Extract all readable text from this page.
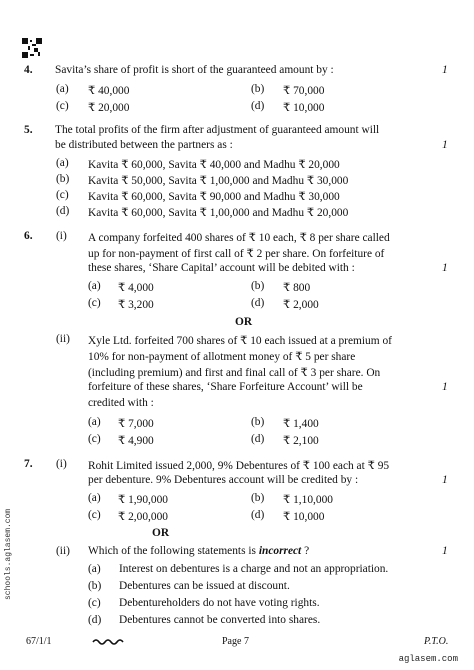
4. Savita’s share of profit is short of the guaranteed amount by :	1
(a) ₹ 40,000	(b) ₹ 70,000
(c) ₹ 20,000	(d) ₹ 10,000
5. The total profits of the firm after adjustment of guaranteed amount will
be distributed between the partners as :	1
(a) Kavita ₹ 60,000, Savita ₹ 40,000 and Madhu ₹ 20,000
(b) Kavita ₹ 50,000, Savita ₹ 1,00,000 and Madhu ₹ 30,000
(c) Kavita ₹ 60,000, Savita ₹ 90,000 and Madhu ₹ 30,000
(d) Kavita ₹ 60,000, Savita ₹ 1,00,000 and Madhu ₹ 20,000
6. (i) A company forfeited 400 shares of ₹ 10 each, ₹ 8 per share called
up for non-payment of first call of ₹ 2 per share. On forfeiture of
these shares, ‘Share Capital’ account will be debited with :	1
(a) ₹ 4,000	(b) ₹ 800
(c) ₹ 3,200	(d) ₹ 2,000
OR
(ii) Xyle Ltd. forfeited 700 shares of ₹ 10 each issued at a premium of
10% for non-payment of allotment money of ₹ 5 per share
(including premium) and first and final call of ₹ 3 per share. On
forfeiture of these shares, ‘Share Forfeiture Account’ will be
credited with :
1
(a) ₹ 7,000	(b) ₹ 1,400
(c) ₹ 4,900	(d) ₹ 2,100
7. (i) Rohit Limited issued 2,000, 9% Debentures of ₹ 100 each at ₹ 95
per debenture. 9% Debentures account will be credited by :	1
(a) ₹ 1,90,000	(b) ₹ 1,10,000
(c) ₹ 2,00,000	(d) ₹ 10,000
OR
(ii) Which of the following statements is incorrect ?	1
(a) Interest on debentures is a charge and not an appropriation.
(b) Debentures can be issued at discount.
(c) Debentureholders do not have voting rights.
(d) Debentures cannot be converted into shares.
67/1/1	Page 7	P.T.O.
schools.aglasem.com
aglasem.com
